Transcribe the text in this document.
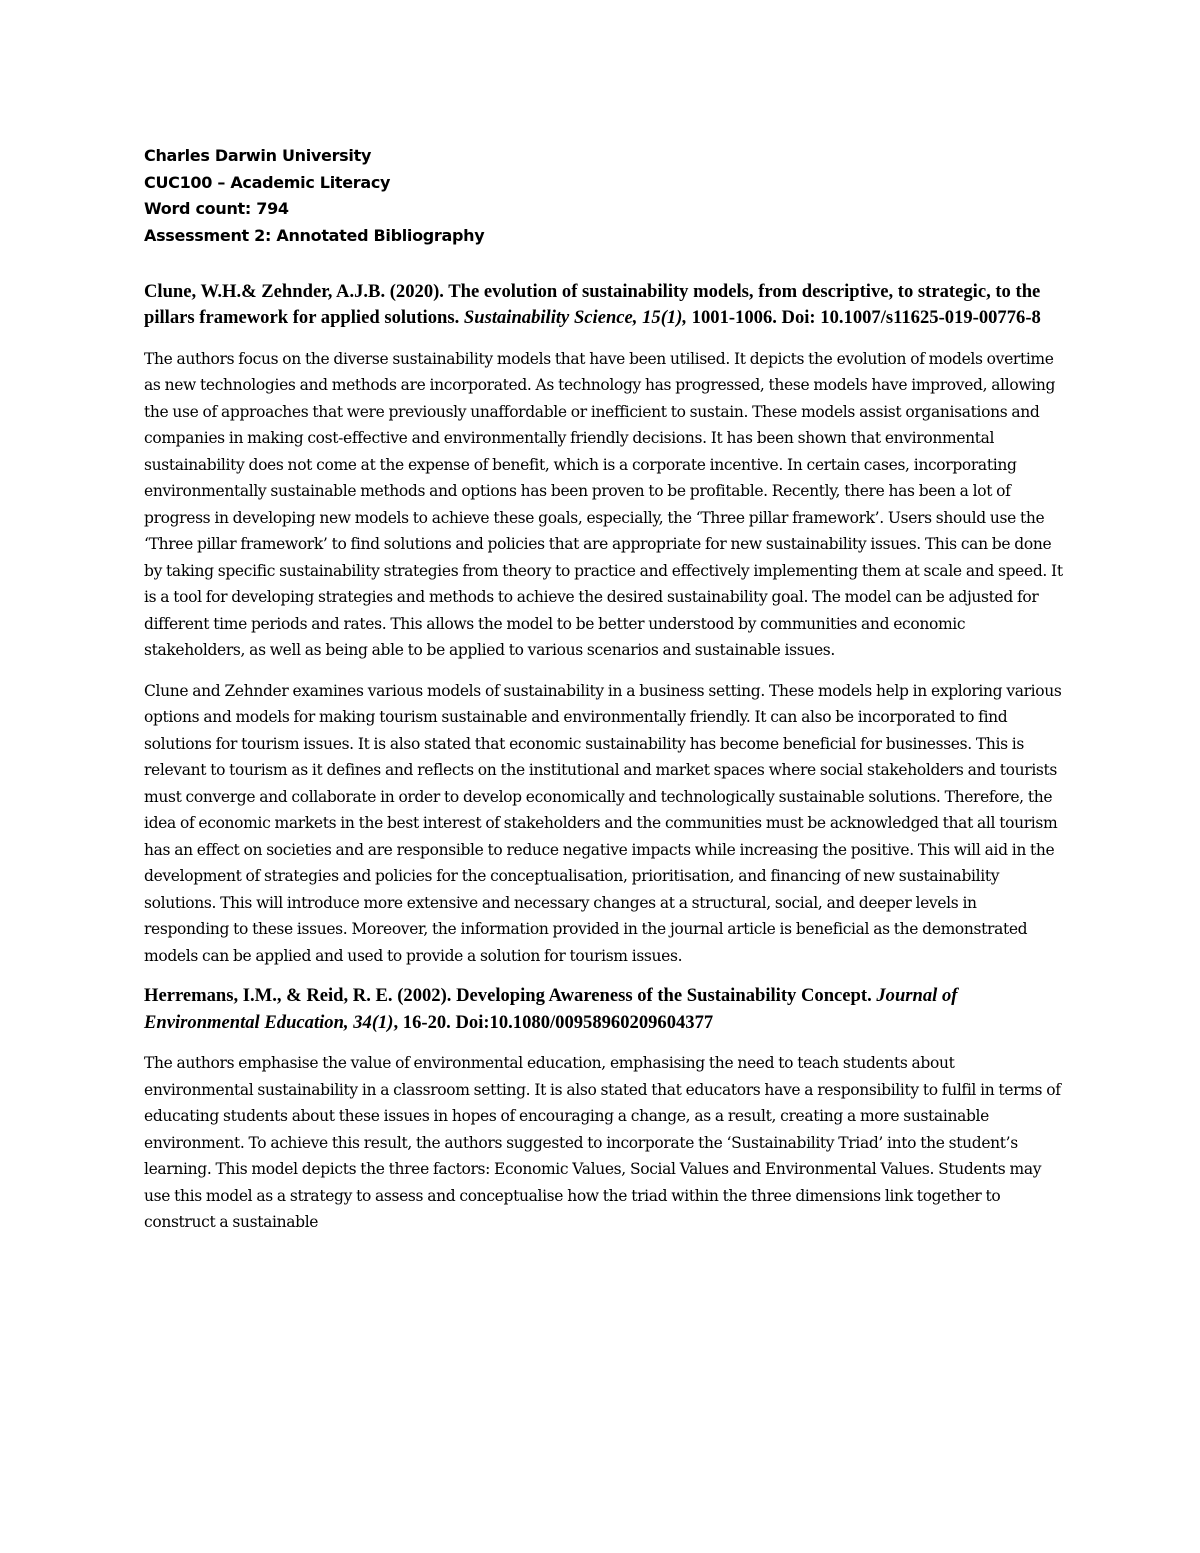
Charles Darwin University
CUC100 – Academic Literacy
Word count: 794
Assessment 2: Annotated Bibliography

Clune, W.H.& Zehnder, A.J.B. (2020). The evolution of sustainability models, from descriptive, to strategic, to the pillars framework for applied solutions. Sustainability Science, 15(1), 1001-1006. Doi: 10.1007/s11625-019-00776-8

The authors focus on the diverse sustainability models that have been utilised. It depicts the evolution of models overtime as new technologies and methods are incorporated. As technology has progressed, these models have improved, allowing the use of approaches that were previously unaffordable or inefficient to sustain. These models assist organisations and companies in making cost-effective and environmentally friendly decisions. It has been shown that environmental sustainability does not come at the expense of benefit, which is a corporate incentive. In certain cases, incorporating environmentally sustainable methods and options has been proven to be profitable. Recently, there has been a lot of progress in developing new models to achieve these goals, especially, the ‘Three pillar framework’. Users should use the ‘Three pillar framework’ to find solutions and policies that are appropriate for new sustainability issues. This can be done by taking specific sustainability strategies from theory to practice and effectively implementing them at scale and speed. It is a tool for developing strategies and methods to achieve the desired sustainability goal. The model can be adjusted for different time periods and rates. This allows the model to be better understood by communities and economic stakeholders, as well as being able to be applied to various scenarios and sustainable issues.

Clune and Zehnder examines various models of sustainability in a business setting. These models help in exploring various options and models for making tourism sustainable and environmentally friendly. It can also be incorporated to find solutions for tourism issues. It is also stated that economic sustainability has become beneficial for businesses. This is relevant to tourism as it defines and reflects on the institutional and market spaces where social stakeholders and tourists must converge and collaborate in order to develop economically and technologically sustainable solutions. Therefore, the idea of economic markets in the best interest of stakeholders and the communities must be acknowledged that all tourism has an effect on societies and are responsible to reduce negative impacts while increasing the positive. This will aid in the development of strategies and policies for the conceptualisation, prioritisation, and financing of new sustainability solutions. This will introduce more extensive and necessary changes at a structural, social, and deeper levels in responding to these issues. Moreover, the information provided in the journal article is beneficial as the demonstrated models can be applied and used to provide a solution for tourism issues.

Herremans, I.M., & Reid, R. E. (2002). Developing Awareness of the Sustainability Concept. Journal of Environmental Education, 34(1), 16-20. Doi:10.1080/00958960209604377

The authors emphasise the value of environmental education, emphasising the need to teach students about environmental sustainability in a classroom setting. It is also stated that educators have a responsibility to fulfil in terms of educating students about these issues in hopes of encouraging a change, as a result, creating a more sustainable environment. To achieve this result, the authors suggested to incorporate the ‘Sustainability Triad’ into the student’s learning. This model depicts the three factors: Economic Values, Social Values and Environmental Values. Students may use this model as a strategy to assess and conceptualise how the triad within the three dimensions link together to construct a sustainable
